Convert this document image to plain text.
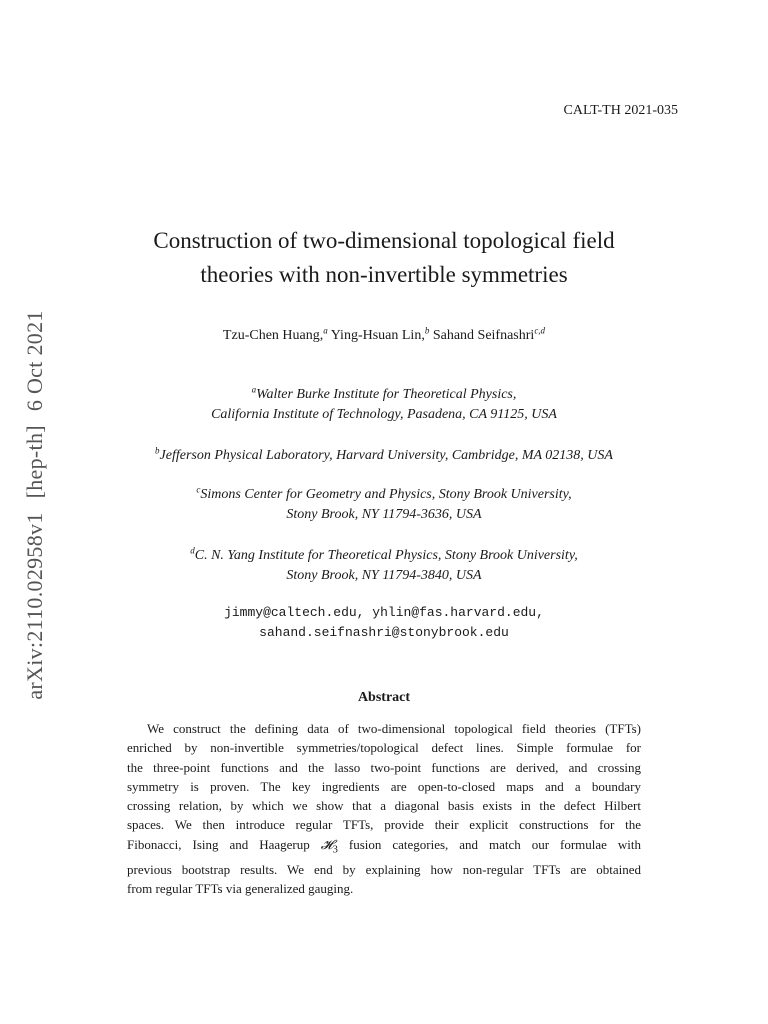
CALT-TH 2021-035
arXiv:2110.02958v1[hep-th]6 Oct 2021
Construction of two-dimensional topological field
theories with non-invertible symmetries
Tzu-Chen Huang,$^a$ Ying-Hsuan Lin,$^b$ Sahand Seifnashri$^{c,d}$
$^a$Walter Burke Institute for Theoretical Physics,
California Institute of Technology, Pasadena, CA 91125, USA
$^b$Jefferson Physical Laboratory, Harvard University, Cambridge, MA 02138, USA
$^c$Simons Center for Geometry and Physics, Stony Brook University,
Stony Brook, NY 11794-3636, USA
$^d$C. N. Yang Institute for Theoretical Physics, Stony Brook University,
Stony Brook, NY 11794-3840, USA
jimmy@caltech.edu, yhlin@fas.harvard.edu,
sahand.seifnashri@stonybrook.edu
Abstract
We construct the defining data of two-dimensional topological field theories (TFTs)
enriched by non-invertible symmetries/topological defect lines. Simple formulae for
the three-point functions and the lasso two-point functions are derived, and crossing
symmetry is proven. The key ingredients are open-to-closed maps and a boundary
crossing relation, by which we show that a diagonal basis exists in the defect Hilbert
spaces. We then introduce regular TFTs, provide their explicit constructions for the
Fibonacci, Ising and Haagerup 𝓗$_3$ fusion categories, and match our formulae with
previous bootstrap results. We end by explaining how non-regular TFTs are obtained
from regular TFTs via generalized gauging.
